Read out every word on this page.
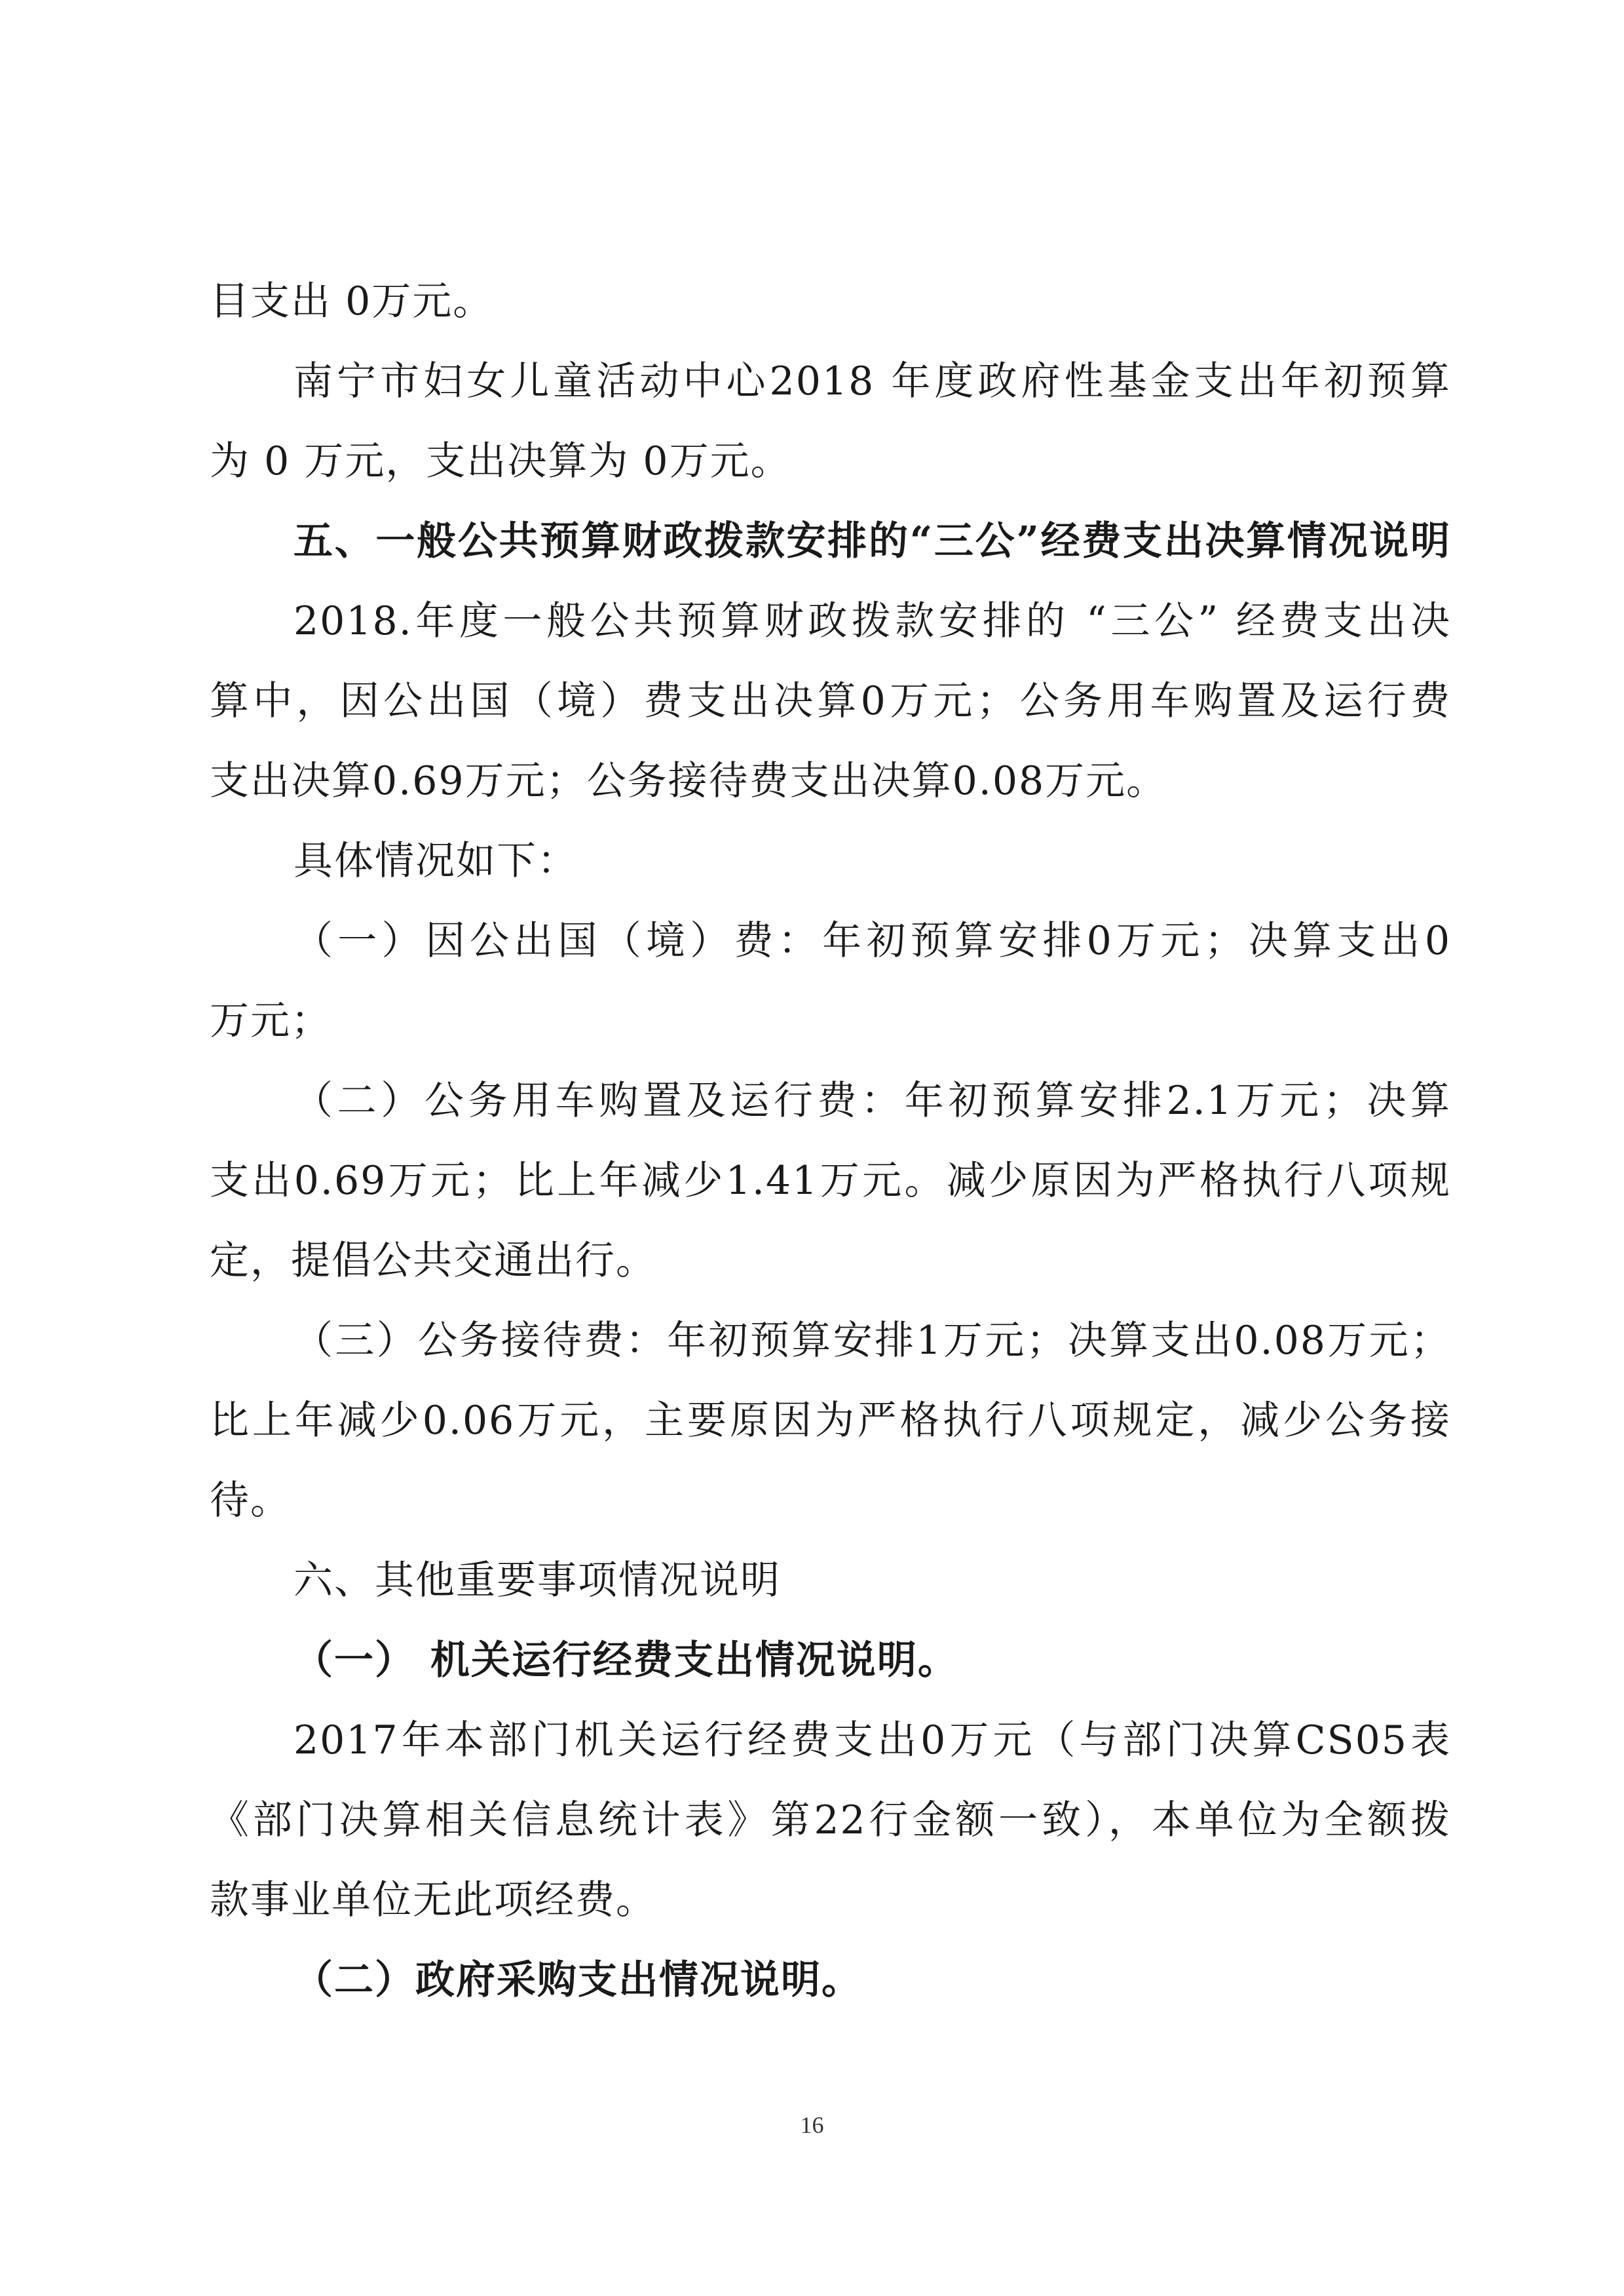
目支出 0万元。
南宁市妇女儿童活动中心2018 年度政府性基金支出年初预算
为 0 万元，支出决算为 0万元。
五、一般公共预算财政拨款安排的“三公”经费支出决算情况说明
2018.年度一般公共预算财政拨款安排的 “三公” 经费支出决
算中，因公出国（境）费支出决算0万元；公务用车购置及运行费
支出决算0.69万元；公务接待费支出决算0.08万元。
具体情况如下：
（一）因公出国（境）费：年初预算安排0万元；决算支出0
万元；
（二）公务用车购置及运行费：年初预算安排2.1万元；决算
支出0.69万元；比上年减少1.41万元。减少原因为严格执行八项规
定，提倡公共交通出行。
（三）公务接待费：年初预算安排1万元；决算支出0.08万元；
比上年减少0.06万元，主要原因为严格执行八项规定，减少公务接
待。
六、其他重要事项情况说明
（一） 机关运行经费支出情况说明。
2017年本部门机关运行经费支出0万元（与部门决算CS05表
《部门决算相关信息统计表》第22行金额一致），本单位为全额拨
款事业单位无此项经费。
（二）政府采购支出情况说明。
16
